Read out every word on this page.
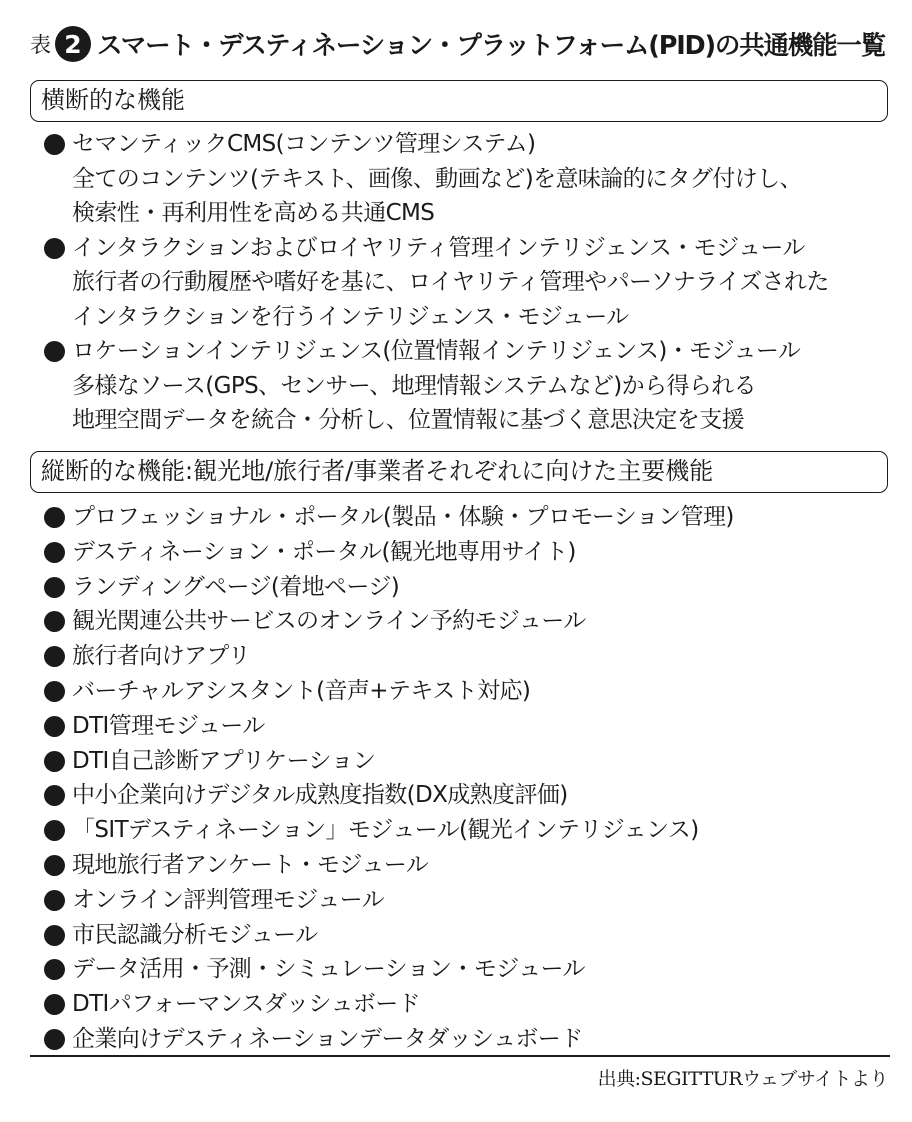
表 2 スマート・デスティネーション・プラットフォーム(PID)の共通機能一覧
横断的な機能
セマンティックCMS(コンテンツ管理システム)
全てのコンテンツ(テキスト、画像、動画など)を意味論的にタグ付けし、
検索性・再利用性を高める共通CMS
インタラクションおよびロイヤリティ管理インテリジェンス・モジュール
旅行者の行動履歴や嗜好を基に、ロイヤリティ管理やパーソナライズされた
インタラクションを行うインテリジェンス・モジュール
ロケーションインテリジェンス(位置情報インテリジェンス)・モジュール
多様なソース(GPS、センサー、地理情報システムなど)から得られる
地理空間データを統合・分析し、位置情報に基づく意思決定を支援
縦断的な機能:観光地/旅行者/事業者それぞれに向けた主要機能
プロフェッショナル・ポータル(製品・体験・プロモーション管理)
デスティネーション・ポータル(観光地専用サイト)
ランディングページ(着地ページ)
観光関連公共サービスのオンライン予約モジュール
旅行者向けアプリ
バーチャルアシスタント(音声+テキスト対応)
DTI管理モジュール
DTI自己診断アプリケーション
中小企業向けデジタル成熟度指数(DX成熟度評価)
「SITデスティネーション」モジュール(観光インテリジェンス)
現地旅行者アンケート・モジュール
オンライン評判管理モジュール
市民認識分析モジュール
データ活用・予測・シミュレーション・モジュール
DTIパフォーマンスダッシュボード
企業向けデスティネーションデータダッシュボード
出典:SEGITTURウェブサイトより
